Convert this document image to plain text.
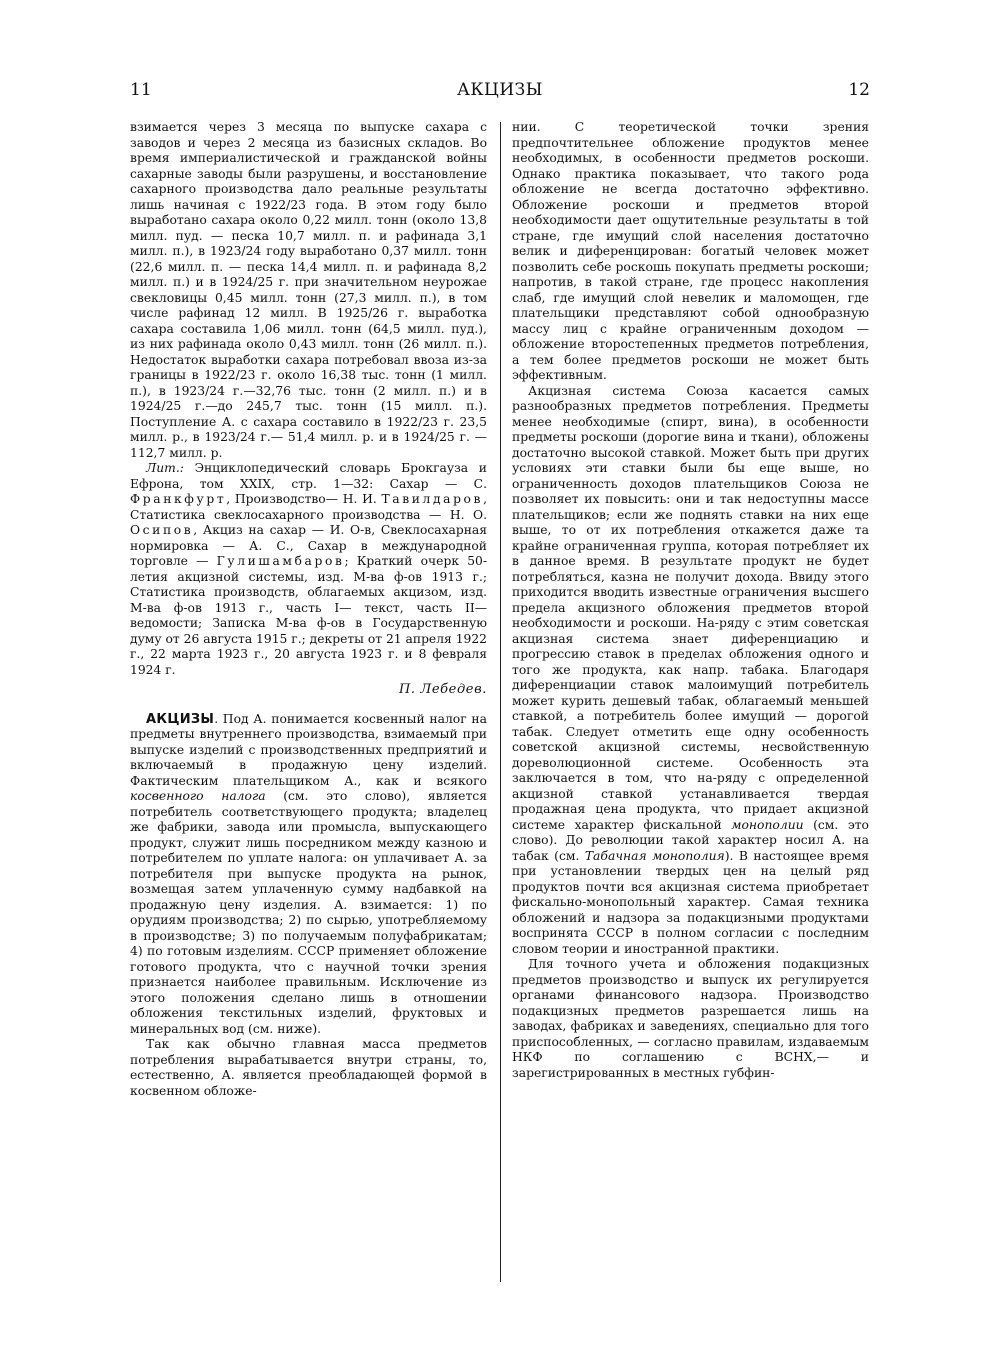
11	АКЦИЗЫ	12

взимается через 3 месяца по выпуске сахара с заводов и через 2 месяца из базисных складов. Во время империалистической и гражданской войны сахарные заводы были разрушены, и восстановление сахарного производства дало реальные результаты лишь начиная с 1922/23 года. В этом году было выработано сахара около 0,22 милл. тонн (около 13,8 милл. пуд. — песка 10,7 милл. п. и рафинада 3,1 милл. п.), в 1923/24 году выработано 0,37 милл. тонн (22,6 милл. п. — песка 14,4 милл. п. и рафинада 8,2 милл. п.) и в 1924/25 г. при значительном неурожае свекловицы 0,45 милл. тонн (27,3 милл. п.), в том числе рафинад 12 милл. В 1925/26 г. выработка сахара составила 1,06 милл. тонн (64,5 милл. пуд.), из них рафинада около 0,43 милл. тонн (26 милл. п.). Недостаток выработки сахара потребовал ввоза из-за границы в 1922/23 г. около 16,38 тыс. тонн (1 милл. п.), в 1923/24 г.—32,76 тыс. тонн (2 милл. п.) и в 1924/25 г.—до 245,7 тыс. тонн (15 милл. п.). Поступление А. с сахара составило в 1922/23 г. 23,5 милл. р., в 1923/24 г.— 51,4 милл. р. и в 1924/25 г. — 112,7 милл. р.

Лит.: Энциклопедический словарь Брокгауза и Ефрона, том XXIX, стр. 1—32: Сахар — С. Франкфурт, Производство— Н. И. Тавилдаров, Статистика свеклосахарного производства — Н. О. Осипов, Акциз на сахар — И. О-в, Свеклосахарная нормировка — А. С., Сахар в международной торговле — Гулишамбаров; Краткий очерк 50-летия акцизной системы, изд. М-ва ф-ов 1913 г.; Статистика производств, облагаемых акцизом, изд. М-ва ф-ов 1913 г., часть I— текст, часть II—ведомости; Записка М-ва ф-ов в Государственную думу от 26 августа 1915 г.; декреты от 21 апреля 1922 г., 22 марта 1923 г., 20 августа 1923 г. и 8 февраля 1924 г.

П. Лебедев.

АКЦИЗЫ. Под А. понимается косвенный налог на предметы внутреннего производства, взимаемый при выпуске изделий с производственных предприятий и включаемый в продажную цену изделий. Фактическим плательщиком А., как и всякого косвенного налога (см. это слово), является потребитель соответствующего продукта; владелец же фабрики, завода или промысла, выпускающего продукт, служит лишь посредником между казною и потребителем по уплате налога: он уплачивает А. за потребителя при выпуске продукта на рынок, возмещая затем уплаченную сумму надбавкой на продажную цену изделия. А. взимается: 1) по орудиям производства; 2) по сырью, употребляемому в производстве; 3) по получаемым полуфабрикатам; 4) по готовым изделиям. СССР применяет обложение готового продукта, что с научной точки зрения признается наиболее правильным. Исключение из этого положения сделано лишь в отношении обложения текстильных изделий, фруктовых и минеральных вод (см. ниже).

Так как обычно главная масса предметов потребления вырабатывается внутри страны, то, естественно, А. является преобладающей формой в косвенном обложе-

нии. С теоретической точки зрения предпочтительнее обложение продуктов менее необходимых, в особенности предметов роскоши. Однако практика показывает, что такого рода обложение не всегда достаточно эффективно. Обложение роскоши и предметов второй необходимости дает ощутительные результаты в той стране, где имущий слой населения достаточно велик и диференцирован: богатый человек может позволить себе роскошь покупать предметы роскоши; напротив, в такой стране, где процесс накопления слаб, где имущий слой невелик и маломощен, где плательщики представляют собой однообразную массу лиц с крайне ограниченным доходом — обложение второстепенных предметов потребления, а тем более предметов роскоши не может быть эффективным.

Акцизная система Союза касается самых разнообразных предметов потребления. Предметы менее необходимые (спирт, вина), в особенности предметы роскоши (дорогие вина и ткани), обложены достаточно высокой ставкой. Может быть при других условиях эти ставки были бы еще выше, но ограниченность доходов плательщиков Союза не позволяет их повысить: они и так недоступны массе плательщиков; если же поднять ставки на них еще выше, то от их потребления откажется даже та крайне ограниченная группа, которая потребляет их в данное время. В результате продукт не будет потребляться, казна не получит дохода. Ввиду этого приходится вводить известные ограничения высшего предела акцизного обложения предметов второй необходимости и роскоши. На-ряду с этим советская акцизная система знает диференциацию и прогрессию ставок в пределах обложения одного и того же продукта, как напр. табака. Благодаря диференциации ставок малоимущий потребитель может курить дешевый табак, облагаемый меньшей ставкой, а потребитель более имущий — дорогой табак. Следует отметить еще одну особенность советской акцизной системы, несвойственную дореволюционной системе. Особенность эта заключается в том, что на-ряду с определенной акцизной ставкой устанавливается твердая продажная цена продукта, что придает акцизной системе характер фискальной монополии (см. это слово). До революции такой характер носил А. на табак (см. Табачная монополия). В настоящее время при установлении твердых цен на целый ряд продуктов почти вся акцизная система приобретает фискально-монопольный характер. Самая техника обложений и надзора за подакцизными продуктами воспринята СССР в полном согласии с последним словом теории и иностранной практики.

Для точного учета и обложения подакцизных предметов производство и выпуск их регулируется органами финансового надзора. Производство подакцизных предметов разрешается лишь на заводах, фабриках и заведениях, специально для того приспособленных, — согласно правилам, издаваемым НКФ по соглашению с ВСНХ,— и зарегистрированных в местных губфин-
